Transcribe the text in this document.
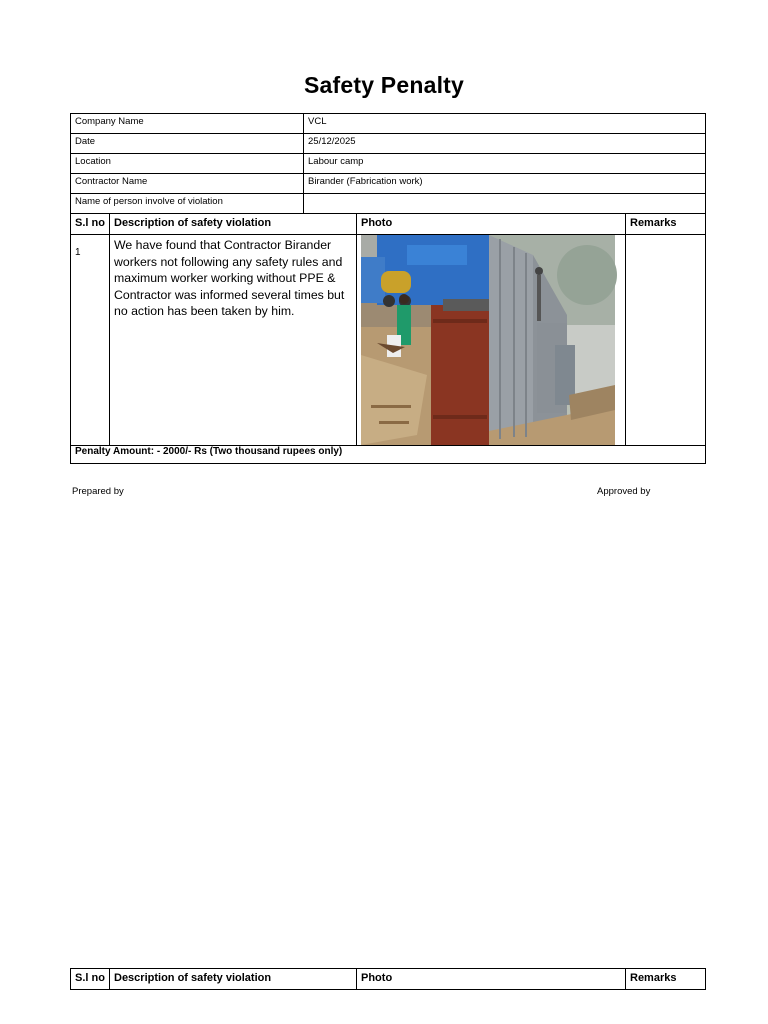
Safety Penalty
Company Name	VCL
Date	25/12/2025
Location	Labour camp
Contractor Name	Birander (Fabrication work)
Name of person involve of violation	
S.l no	Description of safety violation	Photo	Remarks
1	We have found that Contractor Birander workers not following any safety rules and maximum worker working without PPE & Contractor was informed several times but no action has been taken by him.	

Penalty Amount: - 2000/- Rs (Two thousand rupees only)			
Prepared by	Approved by
S.l no	Description of safety violation	Photo	Remarks
